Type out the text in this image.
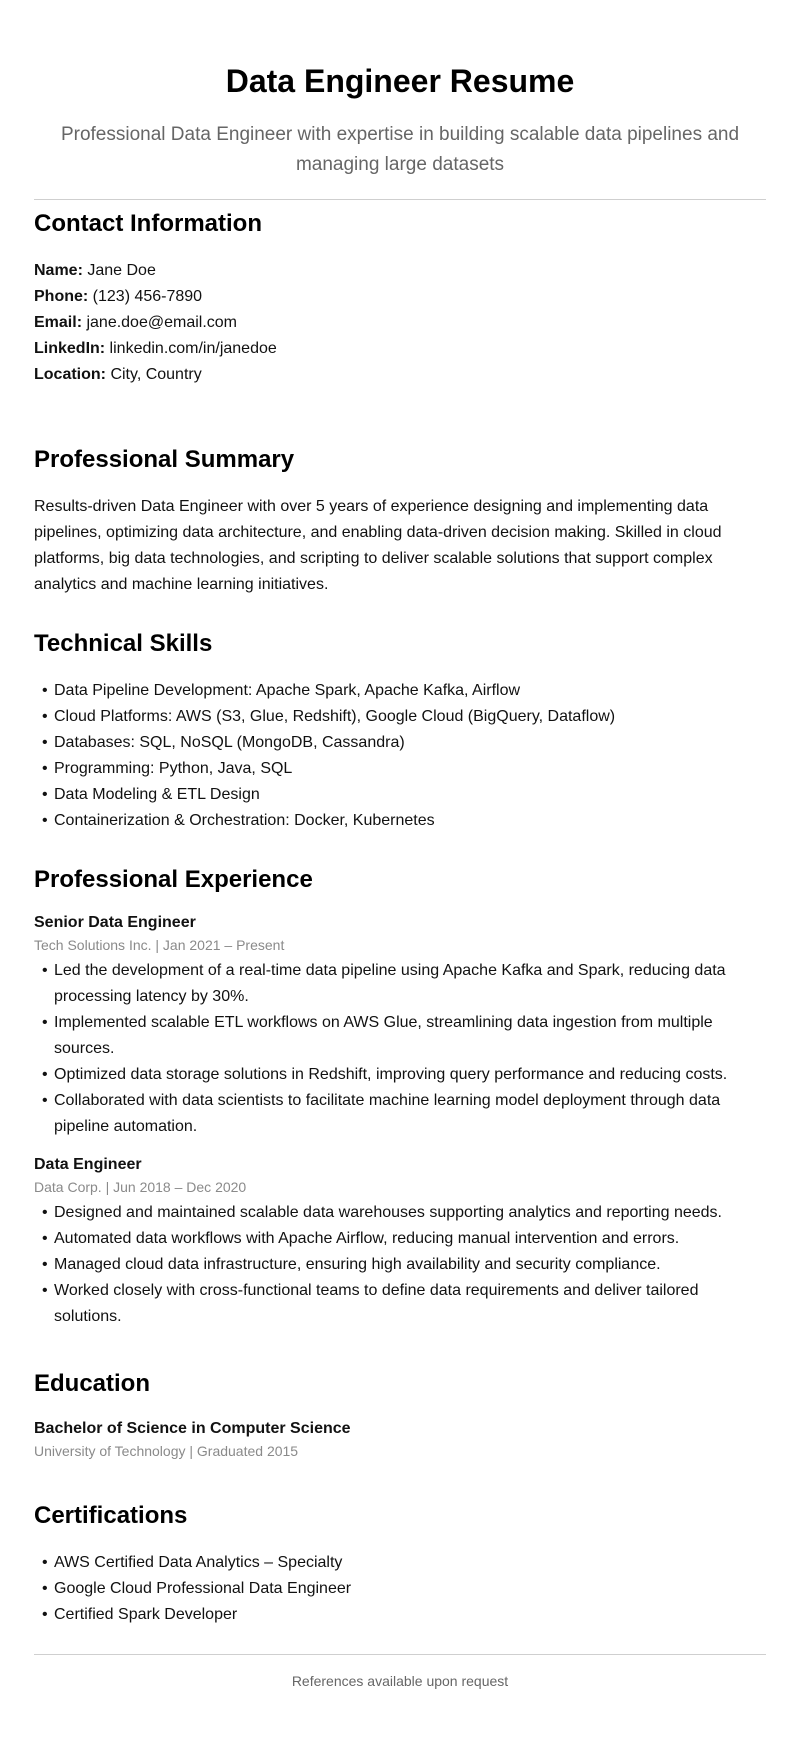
Data Engineer Resume

Professional Data Engineer with expertise in building scalable data pipelines and managing large datasets

Contact Information
Name: Jane Doe
Phone: (123) 456-7890
Email: jane.doe@email.com
LinkedIn: linkedin.com/in/janedoe
Location: City, Country
Professional Summary

Results-driven Data Engineer with over 5 years of experience designing and implementing data pipelines, optimizing data architecture, and enabling data-driven decision making. Skilled in cloud platforms, big data technologies, and scripting to deliver scalable solutions that support complex analytics and machine learning initiatives.

Technical Skills
• Data Pipeline Development: Apache Spark, Apache Kafka, Airflow
• Cloud Platforms: AWS (S3, Glue, Redshift), Google Cloud (BigQuery, Dataflow)
• Databases: SQL, NoSQL (MongoDB, Cassandra)
• Programming: Python, Java, SQL
• Data Modeling & ETL Design
• Containerization & Orchestration: Docker, Kubernetes
Professional Experience

Senior Data Engineer

Tech Solutions Inc. | Jan 2021 – Present

• Led the development of a real-time data pipeline using Apache Kafka and Spark, reducing data processing latency by 30%.
• Implemented scalable ETL workflows on AWS Glue, streamlining data ingestion from multiple sources.
• Optimized data storage solutions in Redshift, improving query performance and reducing costs.
• Collaborated with data scientists to facilitate machine learning model deployment through data pipeline automation.

Data Engineer

Data Corp. | Jun 2018 – Dec 2020

• Designed and maintained scalable data warehouses supporting analytics and reporting needs.
• Automated data workflows with Apache Airflow, reducing manual intervention and errors.
• Managed cloud data infrastructure, ensuring high availability and security compliance.
• Worked closely with cross-functional teams to define data requirements and deliver tailored solutions.
Education

Bachelor of Science in Computer Science

University of Technology | Graduated 2015

Certifications
• AWS Certified Data Analytics – Specialty
• Google Cloud Professional Data Engineer
• Certified Spark Developer
References available upon request
